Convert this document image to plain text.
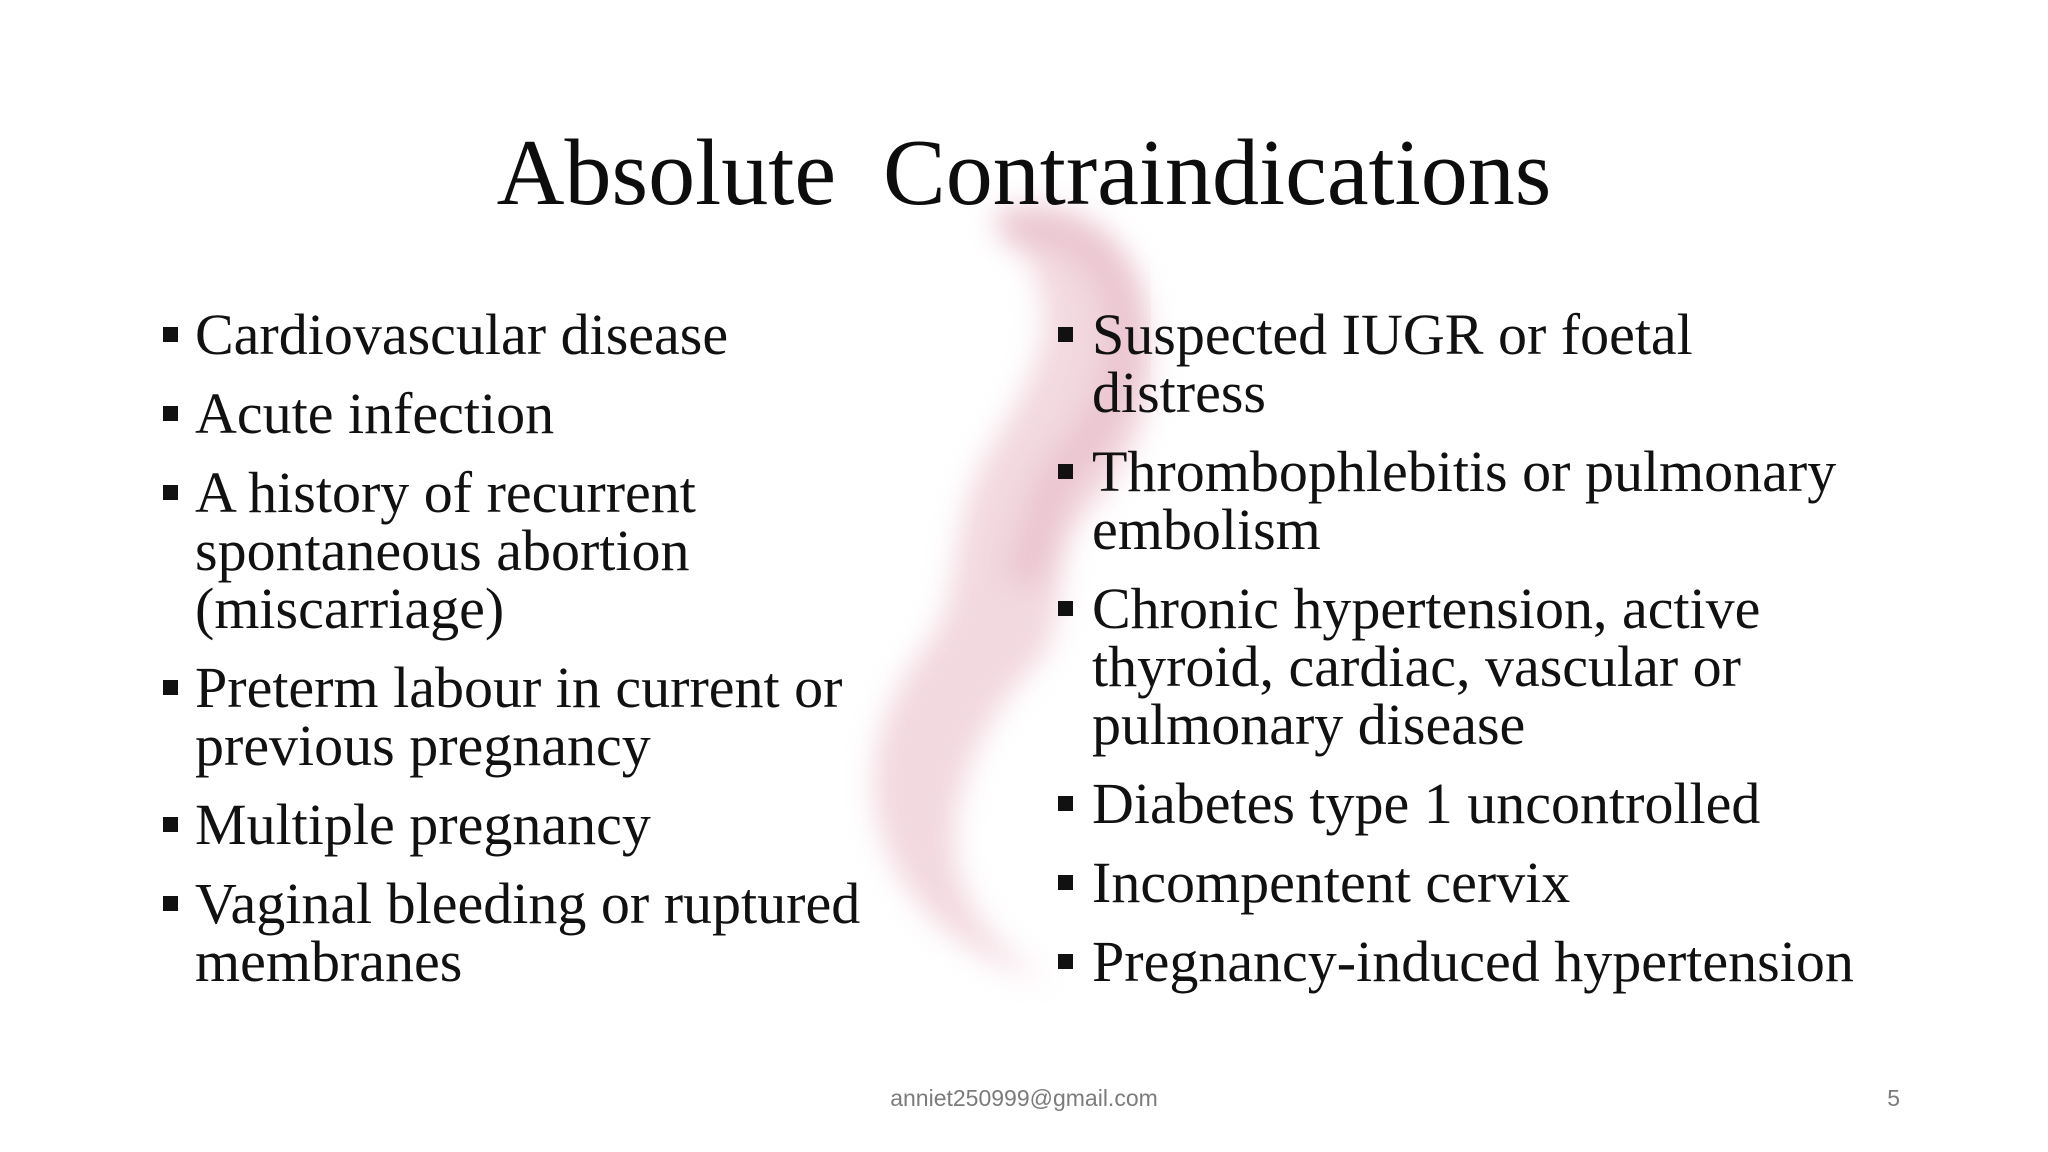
Absolute  Contraindications
Cardiovascular disease
Acute infection
A history of recurrent spontaneous abortion (miscarriage)
Preterm labour in current or previous pregnancy
Multiple pregnancy
Vaginal bleeding or ruptured membranes
Suspected IUGR or foetal distress
Thrombophlebitis or pulmonary embolism
Chronic hypertension, active thyroid, cardiac, vascular or pulmonary disease
Diabetes type 1 uncontrolled
Incompentent cervix
Pregnancy-induced hypertension
anniet250999@gmail.com	5
